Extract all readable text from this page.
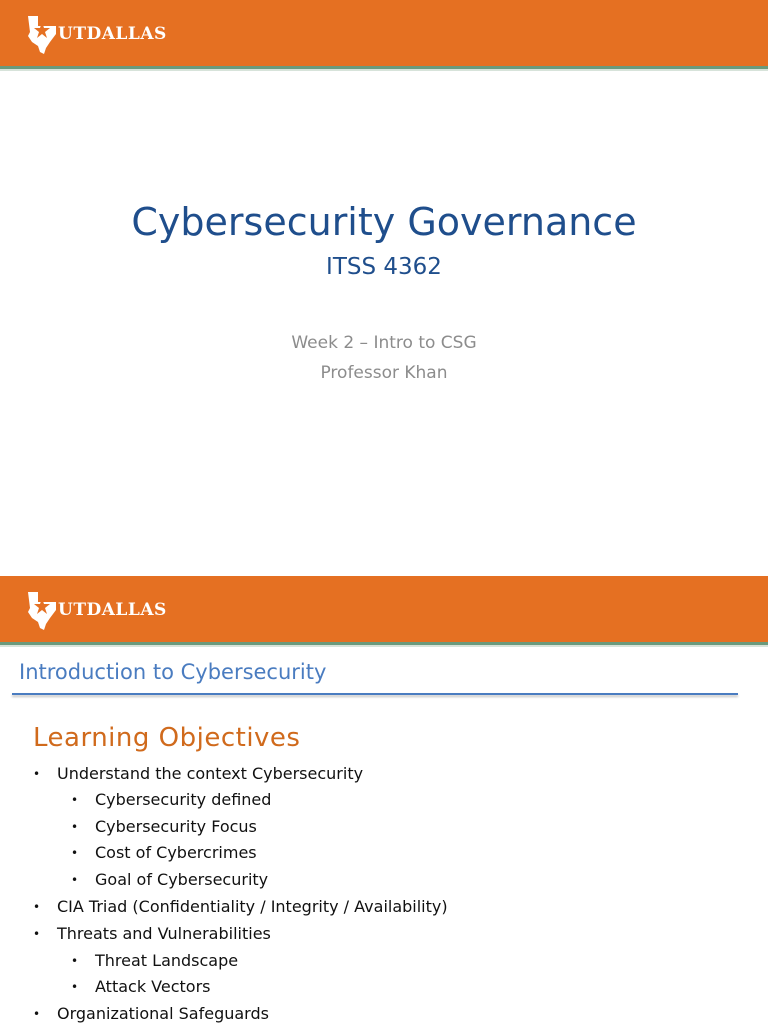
UTDALLAS
Cybersecurity Governance
ITSS 4362
Week 2 – Intro to CSG
Professor Khan
UTDALLAS
Introduction to Cybersecurity
Learning Objectives
• Understand the context Cybersecurity
• Cybersecurity defined
• Cybersecurity Focus
• Cost of Cybercrimes
• Goal of Cybersecurity
• CIA Triad (Confidentiality / Integrity / Availability)
• Threats and Vulnerabilities
• Threat Landscape
• Attack Vectors
• Organizational Safeguards
